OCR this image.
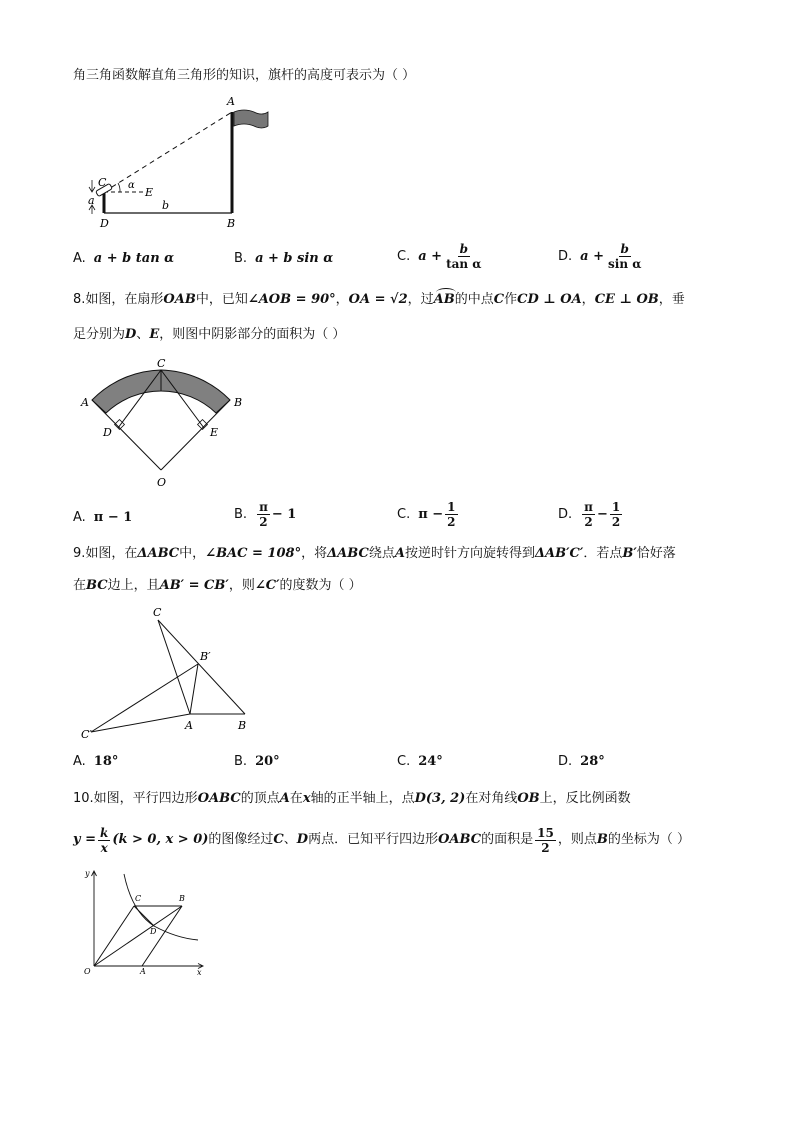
角三角函数解直角三角形的知识，旗杆的高度可表示为（ ）
A
B
C
D
E
α
a	b
A. a + b tan α	B. a + b sin α	C. $a + \frac{b}{\text{tan α}}$	D. $a + \frac{b}{\text{sin α}}$
8.如图，在扇形OAB中，已知∠AOB = 90°，OA = √2，过
AB的中点C作CD ⊥ OA，CE ⊥ OB，垂
足分别为D、E，则图中阴影部分的面积为（ ）
A	B
C
D	E
O
A. π − 1	B. $\frac{\pi}{2} - 1$	C. $\pi - \frac{1}{2}$	D. $\frac{\pi}{2} - \frac{1}{2}$
9.如图，在ΔABC中，∠BAC = 108°，将ΔABC绕点A按逆时针方向旋转得到ΔAB′C′．若点B′恰好落
在BC边上，且AB′ = CB′，则∠C′的度数为（ ）
C
B′
A	B
C′
A. 18°	B. 20°	C. 24°	D. 28°
10.如图，平行四边形OABC的顶点A在x轴的正半轴上，点D(3, 2)在对角线OB上，反比例函数
$y = \frac{k}{x} (k > 0$, x > 0) 的图像经过 C 、 D 两点．已知平行四边形 OABC 的面积是 $\frac{15}{2}$ ，则点 B 的坐标为（ ）
O	A
B
C
D
x
y
